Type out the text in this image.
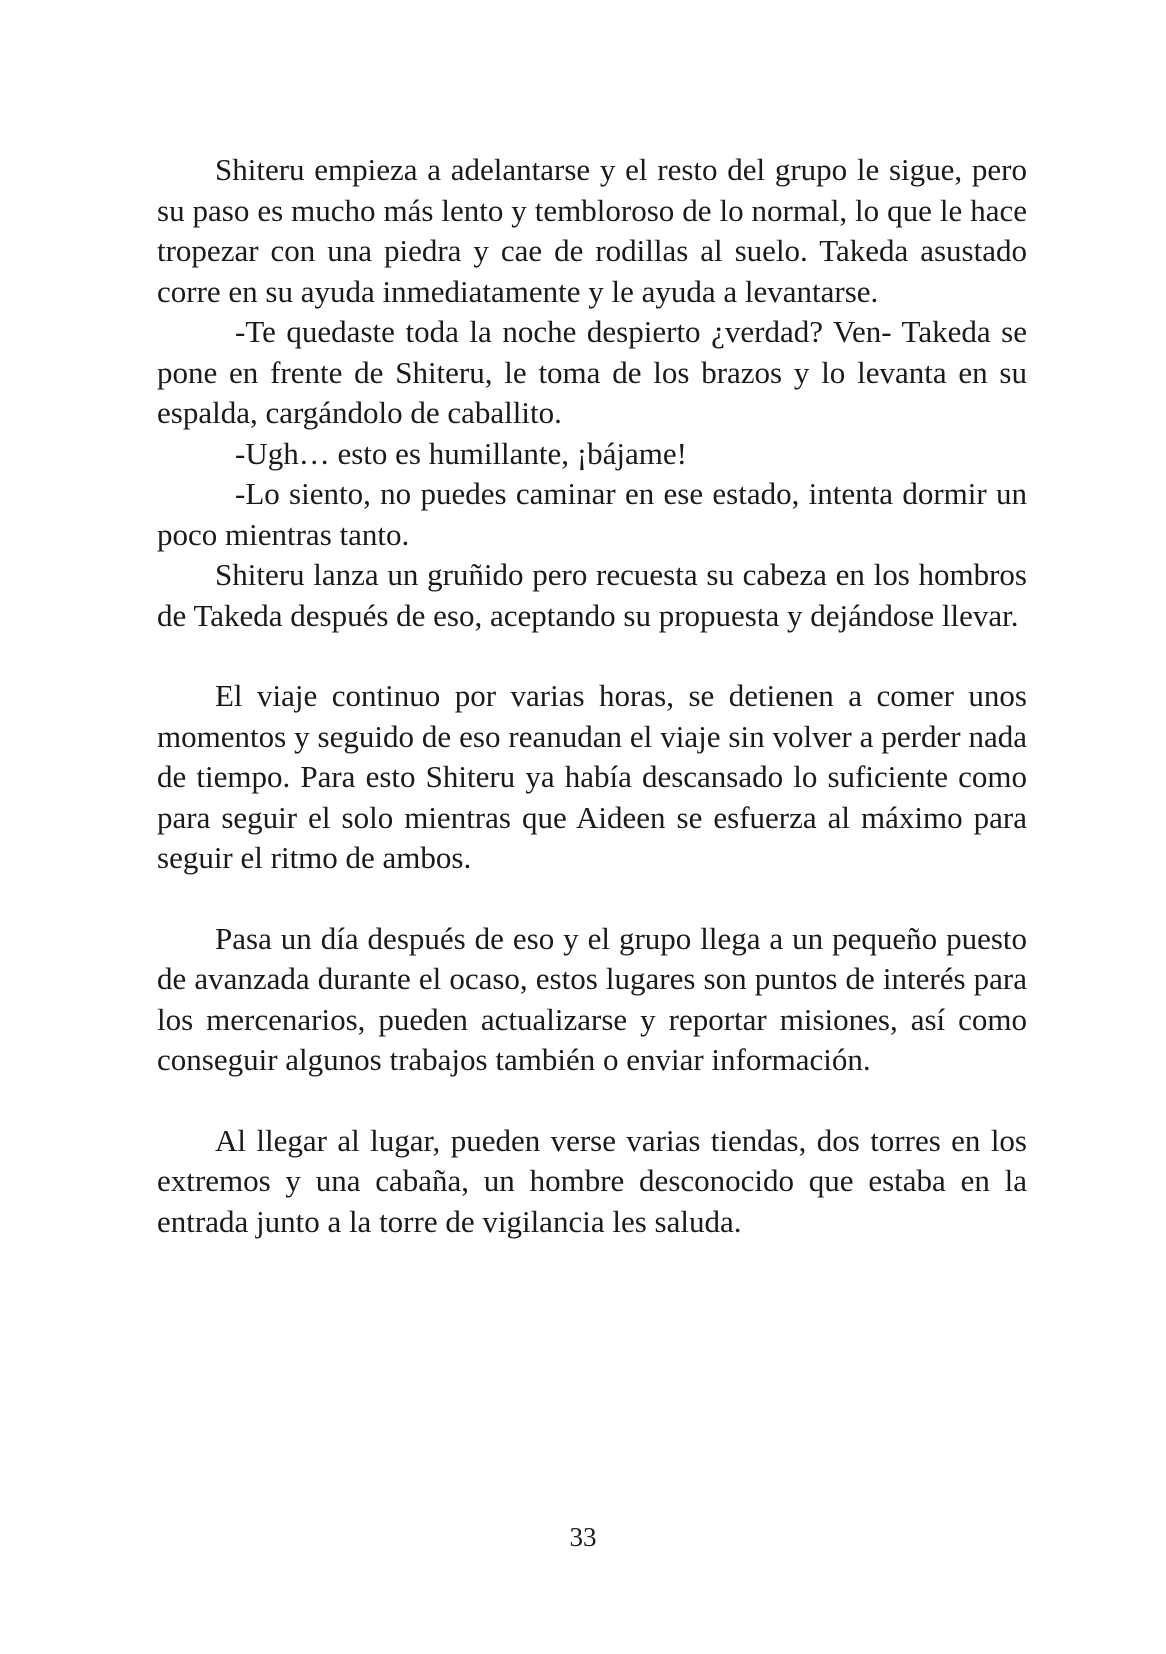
Shiteru empieza a adelantarse y el resto del grupo le sigue, pero su paso es mucho más lento y tembloroso de lo normal, lo que le hace tropezar con una piedra y cae de rodillas al suelo. Takeda asustado corre en su ayuda inmediatamente y le ayuda a levantarse.

-Te quedaste toda la noche despierto ¿verdad? Ven- Takeda se pone en frente de Shiteru, le toma de los brazos y lo levanta en su espalda, cargándolo de caballito.

-Ugh… esto es humillante, ¡bájame!

-Lo siento, no puedes caminar en ese estado, intenta dormir un poco mientras tanto.

Shiteru lanza un gruñido pero recuesta su cabeza en los hombros de Takeda después de eso, aceptando su propuesta y dejándose llevar.

El viaje continuo por varias horas, se detienen a comer unos momentos y seguido de eso reanudan el viaje sin volver a perder nada de tiempo. Para esto Shiteru ya había descansado lo suficiente como para seguir el solo mientras que Aideen se esfuerza al máximo para seguir el ritmo de ambos.

Pasa un día después de eso y el grupo llega a un pequeño puesto de avanzada durante el ocaso, estos lugares son puntos de interés para los mercenarios, pueden actualizarse y reportar misiones, así como conseguir algunos trabajos también o enviar información.

Al llegar al lugar, pueden verse varias tiendas, dos torres en los extremos y una cabaña, un hombre desconocido que estaba en la entrada junto a la torre de vigilancia les saluda.

33
